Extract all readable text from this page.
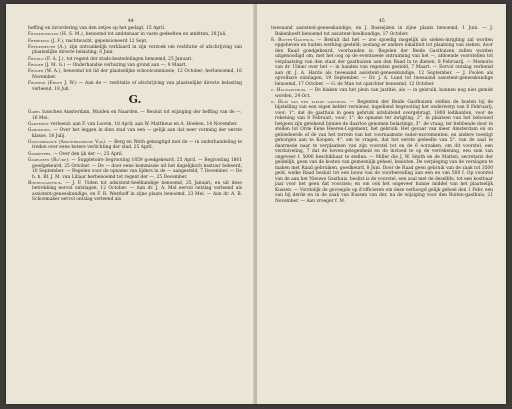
44
heffing en invordering van den zetjes op het gedagt, 15 April.
Frankenmolen (H. S. M.), benoemd tot ambtenaar in vaste gedeelten en ambtten, 28 Juli.
Fredeking (J. F.), nachtwacht, gepensioneerd 12 Sept.
Frenkemeyer (A.), zijn ontvankelijk verklaard in zijn verzoek om restitutie of afschrijving van plaatselijke directe belasting, 6 Juni.
Fritzlo (F. A. J.), tot regent der stads-bestedelingen benoemd, 25 Januari.
Fröger (J. M. G.) — Onderhandse verhuring van grond aan —, 9 Maart.
Fröger (W. A.), benoemd tot lid der plaatselijke schoolcommissie, 12 October; herbenoemd, 16 November.
Frowein (Erven J. W.) — Aan de — restitutie of afschrijving van plaatselijke directe belasting verleend, 18 Juli.
G.
Gabel tusschen Amsterdam, Muiden en Naarden. — Besluit tot wijziging der heffing van de —, 16 Mei.
Gagement verleend: aan F. van Loovin, 18 April; aan W. Mattheus en A. Hoeben, 14 November.
Garnizoen. — Over het leggen in dien stad van een — gelijk aan dat neer vorming der eerste klasse, 18 Julij.
Gascompagnie (Amsterdamsche Vijs). — Berg en Woth gemagtigd met de — in onderhandeling te treden over eene betere verlichting der stad, 25 April.
Gasmeters. — Over den ijk der —, 25 April.
Gasbuizen (Ro'ide). — Suppletoire begrooting 1859 goedgekeurd, 25 April. — Begrooting 1861 goedgekeurd, 25 October. — De — door eene kommissie uit het dagelijksch bestuur beheerd, 10 September. — Regelen voor de opname van lijders in de — aangesteld, 7 December. — De h. h. Rf. J. M. van Lillaar herbenoemd tot regent der —, 25 December.
Binnengasthuis. — J. F. Uiden tot adsistent-heelkundige benoemd, 25 Januari; en uit dese betrekking eervol ontslagen, 12 October. — Aan dr. J. A. Mol eervol ontslag verleend als assistent-geneeskundige, en F. R. Westhoff in zijne plaats benoemd, 23 Mei. — Aan dr. A. B. Schoemaker eervol ontslag verleend als
45
tweeaand assistent-geneeskundige, en J. Bassejizen in zijne plaats benoemd, 1 Juni. — J. Bakenhoeft benoemd tot assistent-heelkundige, 17 October.
8. Buiten-Gasthuis. — Besluit dat het — zoo spoedig mogelijk als sieken-inrigting zal worden opgeheven en buiten werking gesteld; zoolang er andere lokaliteit tot plaatsing van zieken, door den Raad goedgekeurd, voorhanden is. Regelen der Beide Gasthuizen zullen worden uitgenoodigd om, met het oog op de eventueele ontruiming van het —, afdoende voorstellen tot verplaatsing van den staat der gasthuizen aan den Raad in te dienen, 8 Februarij. — Memorie van dr. Ulmer over het — in handen van regenten gesteld, 7 Maart. — Eervol ontslag verleend aan dr. J. A. Hardo als tweeaand assistent-geneeskundige, 12 September. — J. Poolen als opvolbare ontslagen, 19 September. — Dr. J. A. Lund tot tweeaand assistent-geneeskundige benoemd, 17 October. — G. de Man tot opzichter benoemd, 12 October.
c. Hulpgasthuis. — De blaken van het plein van justitie, als — in gebruik, kunnen nog niet gemist worden, 24 Oct.
d. Huis van een kleine gasthuis. — Regenten der Beide Gasthuizen stellen de kosten bij de bijstelling van een eigen kelder vernieuw, ingediend begrooting het onderwerp van 8 Februarij, voor; 1°. dat de gasthuis in geen gebruik uitsluitend overgebragt, 1800 ledikanten, voor de rekening van 8 Februari, voor; 1°. de opname ter inrigting; 2°. in plaatsen van het bebouwd hetgeen zijn getekend binnen de daartoe genomen belastings, 3°. de vraag, ter hebbende door te stellen tot Orde Eene Heeren-Logement, het gebruik: Het gevaar van meer Amsterdam en on gebiedeerde of de van het terrein van het voornaamste vader-excrementen, en andere toestigt geborgen aan te Koopen, 4°. om te vragen, dat het eerste gedeelte van 5°. van de zaal te daarmede naar te verplaatsen van zijn voorstel tot en de 6 oorzaken, om dit voorstel, een verduiveling, 7 dat de boven-gelegenheid en de invloed te op de verrekening, een som van ongeveer f. 5000 beschikbaar te stellen. — Miller die J. W. Smith en de Matten, secretaris der geldelijk, geen van de kosten van gemeenlijk geheel, besloten. De verpleging van de verslagen te maken met Raad gebruiken, goedkeurd, 8 Juni. Door de Raad geen gebruik van de zaak tot 3500 geld, welke Raad besluit tot een bouw van de voorbereiding aan een en van 500 f. Op voorstel van de aan het Nieuwe Gasthuis, beslist is de voorstel, een zaal met de dezelfde, tot een kostbaar jaar voor het geen dat voorzien; en om ook het ongeveer hunne middel van het plaatselijk Kussen. — Vorstelijk de gevoegde op d'officieren om deze verhoogd gelijk geheel den 1 Febr. een van bij derde en in de zaak van Kussen van der, na de wijziging voor den Buiten-gasthuis, 21 November. — Aan vroeger f. M.
